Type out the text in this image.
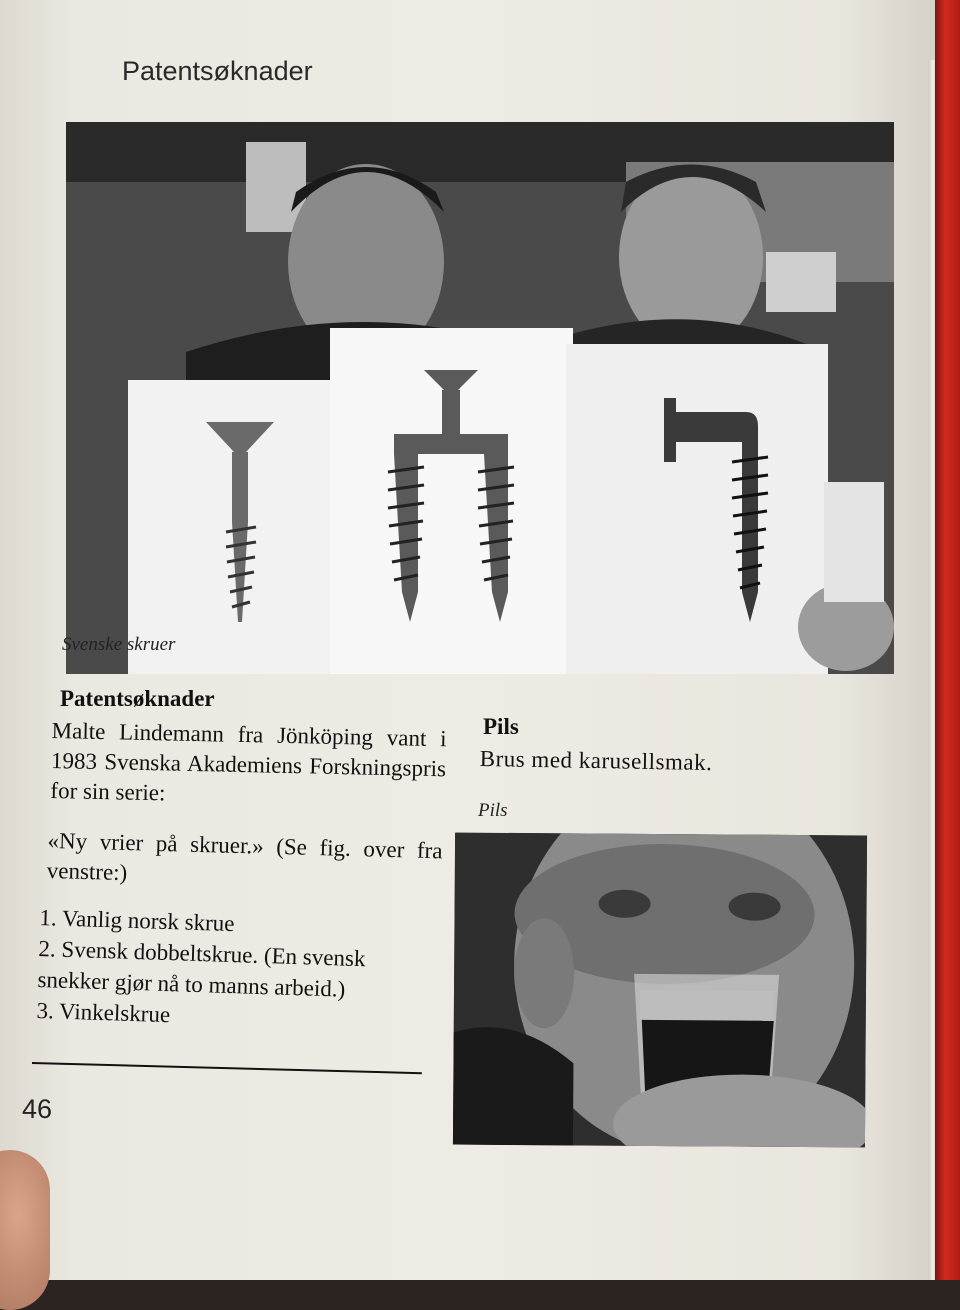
Patentsøknader
Svenske skruer
Patentsøknader
Malte Lindemann fra Jönköping vant i 1983 Svenska Akademiens Forskningspris for sin serie:
«Ny vrier på skruer.» (Se fig. over fra venstre:)
1. Vanlig norsk skrue
2. Svensk dobbeltskrue. (En svensk snekker gjør nå to manns arbeid.)
3. Vinkelskrue
Pils
Brus med karusellsmak.
Pils
46
